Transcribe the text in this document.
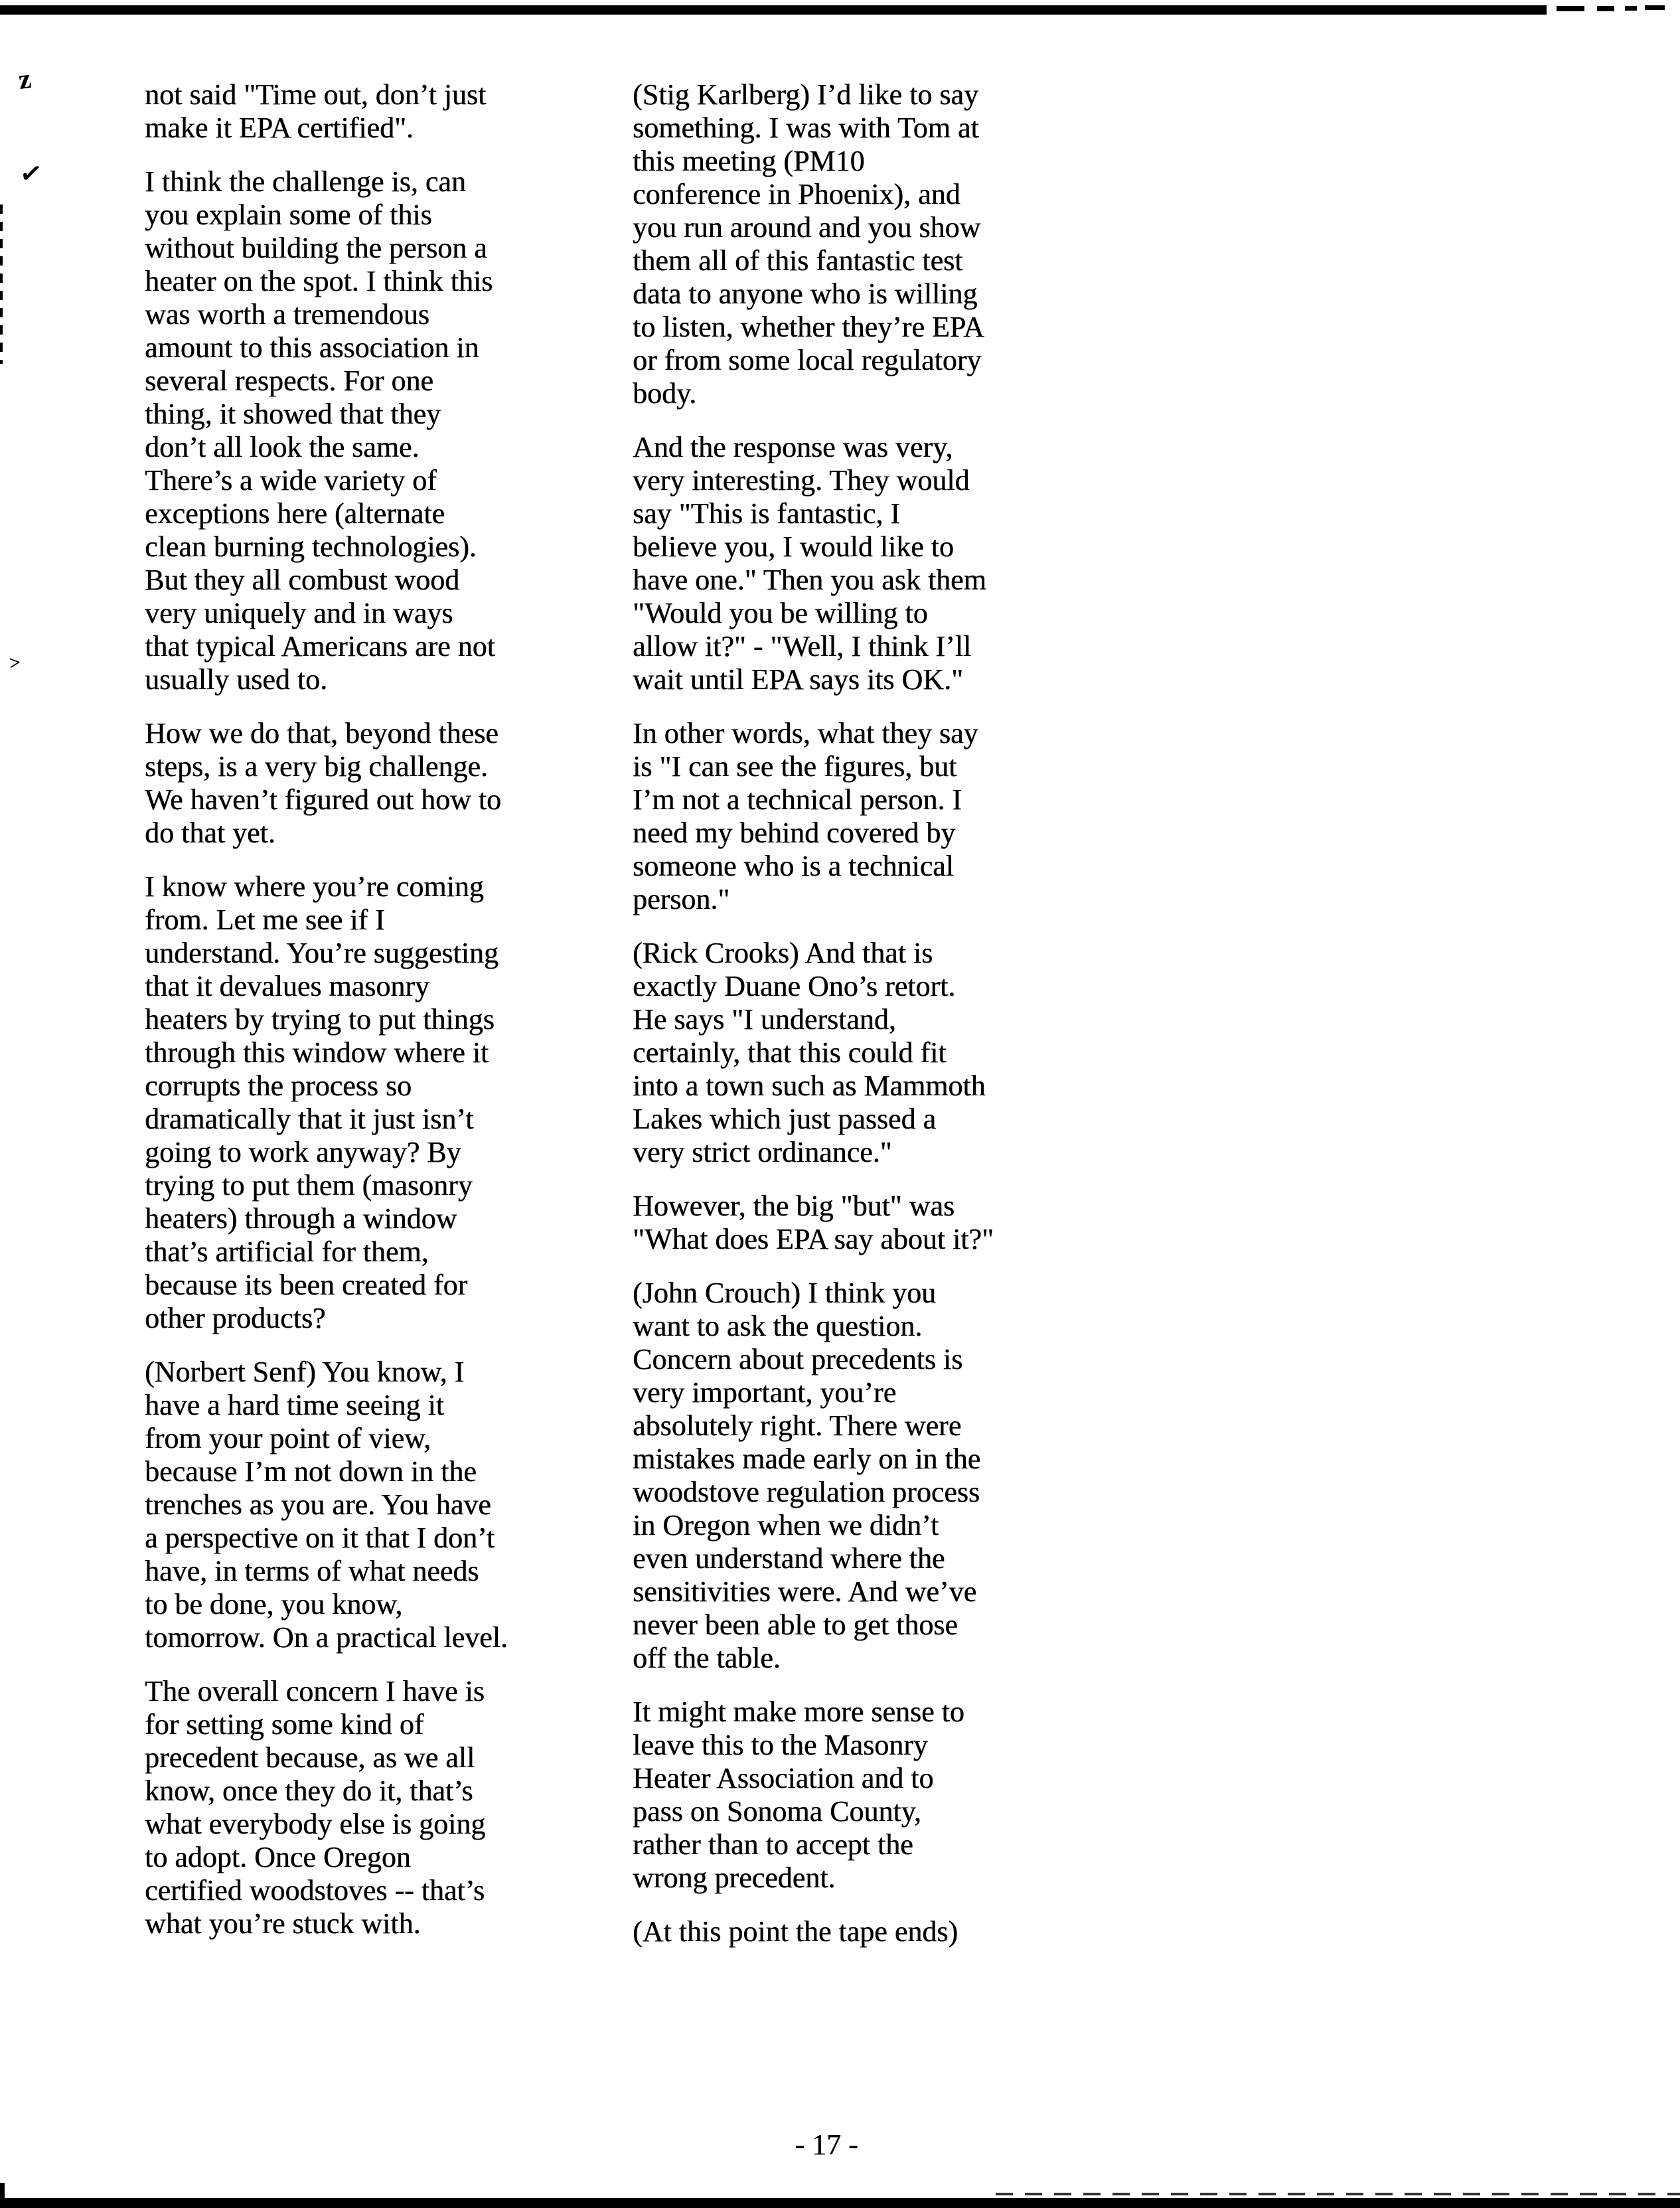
z
✓
>

not said "Time out, don’t just
make it EPA certified".

I think the challenge is, can
you explain some of this
without building the person a
heater on the spot. I think this
was worth a tremendous
amount to this association in
several respects. For one
thing, it showed that they
don’t all look the same.
There’s a wide variety of
exceptions here (alternate
clean burning technologies).
But they all combust wood
very uniquely and in ways
that typical Americans are not
usually used to.

How we do that, beyond these
steps, is a very big challenge.
We haven’t figured out how to
do that yet.

I know where you’re coming
from. Let me see if I
understand. You’re suggesting
that it devalues masonry
heaters by trying to put things
through this window where it
corrupts the process so
dramatically that it just isn’t
going to work anyway? By
trying to put them (masonry
heaters) through a window
that’s artificial for them,
because its been created for
other products?

(Norbert Senf) You know, I
have a hard time seeing it
from your point of view,
because I’m not down in the
trenches as you are. You have
a perspective on it that I don’t
have, in terms of what needs
to be done, you know,
tomorrow. On a practical level.

The overall concern I have is
for setting some kind of
precedent because, as we all
know, once they do it, that’s
what everybody else is going
to adopt. Once Oregon
certified woodstoves -- that’s
what you’re stuck with.

(Stig Karlberg) I’d like to say
something. I was with Tom at
this meeting (PM10
conference in Phoenix), and
you run around and you show
them all of this fantastic test
data to anyone who is willing
to listen, whether they’re EPA
or from some local regulatory
body.

And the response was very,
very interesting. They would
say "This is fantastic, I
believe you, I would like to
have one." Then you ask them
"Would you be willing to
allow it?" - "Well, I think I’ll
wait until EPA says its OK."

In other words, what they say
is "I can see the figures, but
I’m not a technical person. I
need my behind covered by
someone who is a technical
person."

(Rick Crooks) And that is
exactly Duane Ono’s retort.
He says "I understand,
certainly, that this could fit
into a town such as Mammoth
Lakes which just passed a
very strict ordinance."

However, the big "but" was
"What does EPA say about it?"

(John Crouch) I think you
want to ask the question.
Concern about precedents is
very important, you’re
absolutely right. There were
mistakes made early on in the
woodstove regulation process
in Oregon when we didn’t
even understand where the
sensitivities were. And we’ve
never been able to get those
off the table.

It might make more sense to
leave this to the Masonry
Heater Association and to
pass on Sonoma County,
rather than to accept the
wrong precedent.

(At this point the tape ends)

- 17 -
